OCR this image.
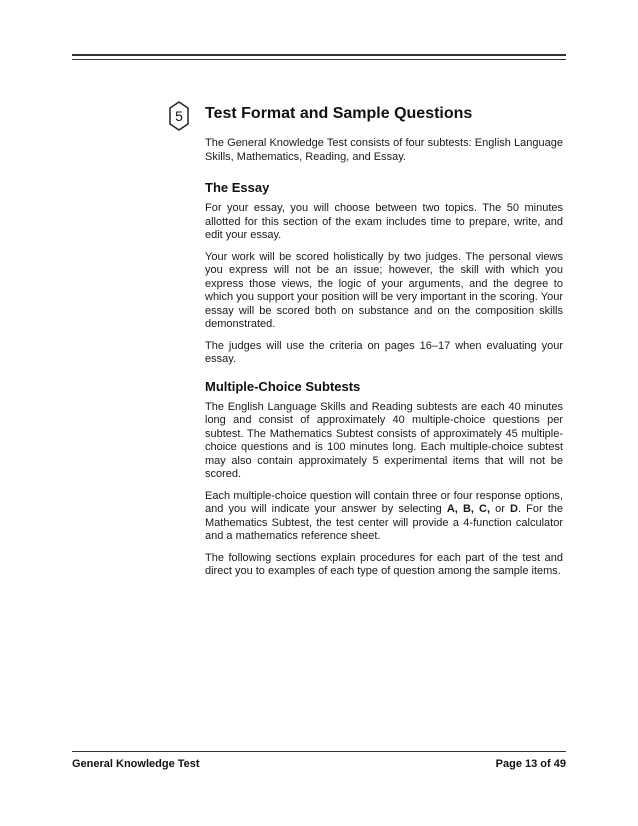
5	Test Format and Sample Questions

The General Knowledge Test consists of four subtests: English Language Skills, Mathematics, Reading, and Essay.

The Essay

For your essay, you will choose between two topics. The 50 minutes allotted for this section of the exam includes time to prepare, write, and edit your essay.

Your work will be scored holistically by two judges. The personal views you express will not be an issue; however, the skill with which you express those views, the logic of your arguments, and the degree to which you support your position will be very important in the scoring. Your essay will be scored both on substance and on the composition skills demonstrated.

The judges will use the criteria on pages 16–17 when evaluating your essay.

Multiple-Choice Subtests

The English Language Skills and Reading subtests are each 40 minutes long and consist of approximately 40 multiple-choice questions per subtest. The Mathematics Subtest consists of approximately 45 multiple-choice questions and is 100 minutes long. Each multiple-choice subtest may also contain approximately 5 experimental items that will not be scored.

Each multiple-choice question will contain three or four response options, and you will indicate your answer by selecting A, B, C, or D. For the Mathematics Subtest, the test center will provide a 4-function calculator and a mathematics reference sheet.

The following sections explain procedures for each part of the test and direct you to examples of each type of question among the sample items.

General Knowledge Test	Page 13 of 49
